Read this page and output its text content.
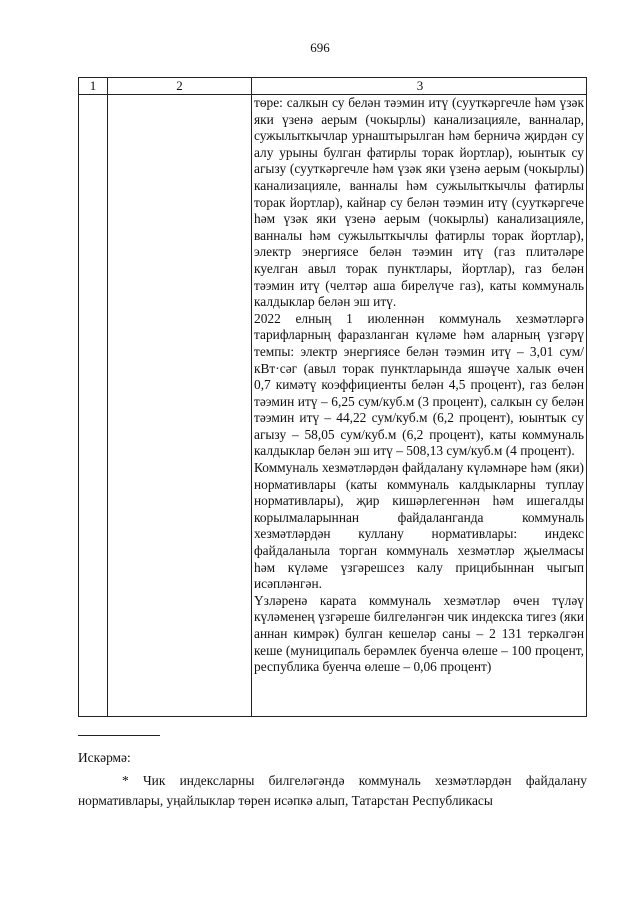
696
1	2	3

төре: салкын су белән тәэмин итү (сууткәргечле һәм үзәк яки үзенә аерым (чокырлы) канализацияле, ванналар, сужылыткычлар урнаштырылган һәм берничә җирдән су алу урыны булган фатирлы торак йортлар), юынтык су агызу (сууткәргечле һәм үзәк яки үзенә аерым (чокырлы) канализацияле, ванналы һәм сужылыткычлы фатирлы торак йортлар), кайнар су белән тәэмин итү (сууткәргече һәм үзәк яки үзенә аерым (чокырлы) канализацияле, ванналы һәм сужылыткычлы фатирлы торак йортлар), электр энергиясе белән тәэмин итү (газ плитәләре куелган авыл торак пунктлары, йортлар), газ белән тәэмин итү (челтәр аша бирелүче газ), каты коммуналь калдыклар белән эш итү.

2022 елның 1 июленнән коммуналь хезмәтләргә тарифларның фаразланган күләме һәм аларның үзгәрү темпы: электр энергиясе белән тәэмин итү – 3,01 сум/кВт·сәг (авыл торак пунктларында яшәүче халык өчен 0,7 кимәтү коэффициенты белән 4,5 процент), газ белән тәэмин итү – 6,25 сум/куб.м (3 процент), салкын су белән тәэмин итү – 44,22 сум/куб.м (6,2 процент), юынтык су агызу – 58,05 сум/куб.м (6,2 процент), каты коммуналь калдыклар белән эш итү – 508,13 сум/куб.м (4 процент).

Коммуналь хезмәтләрдән файдалану күләмнәре һәм (яки) нормативлары (каты коммуналь калдыкларны туплау нормативлары), җир кишәрлегеннән һәм ишегалды корылмаларыннан файдаланганда коммуналь хезмәтләрдән куллану нормативлары: индекс файдаланыла торган коммуналь хезмәтләр җыелмасы һәм күләме үзгәрешсез калу прицибыннан чыгып исәпләнгән.

Үзләренә карата коммуналь хезмәтләр өчен түләү күләменең үзгәреше билгеләнгән чик индекска тигез (яки аннан кимрәк) булган кешеләр саны – 2 131 теркәлгән кеше (муниципаль берәмлек буенча өлеше – 100 процент, республика буенча өлеше – 0,06 процент)

Искәрмә:

* Чик индексларны билгеләгәндә коммуналь хезмәтләрдән файдалану нормативлары, уңайлыклар төрен исәпкә алып, Татарстан Республикасы
